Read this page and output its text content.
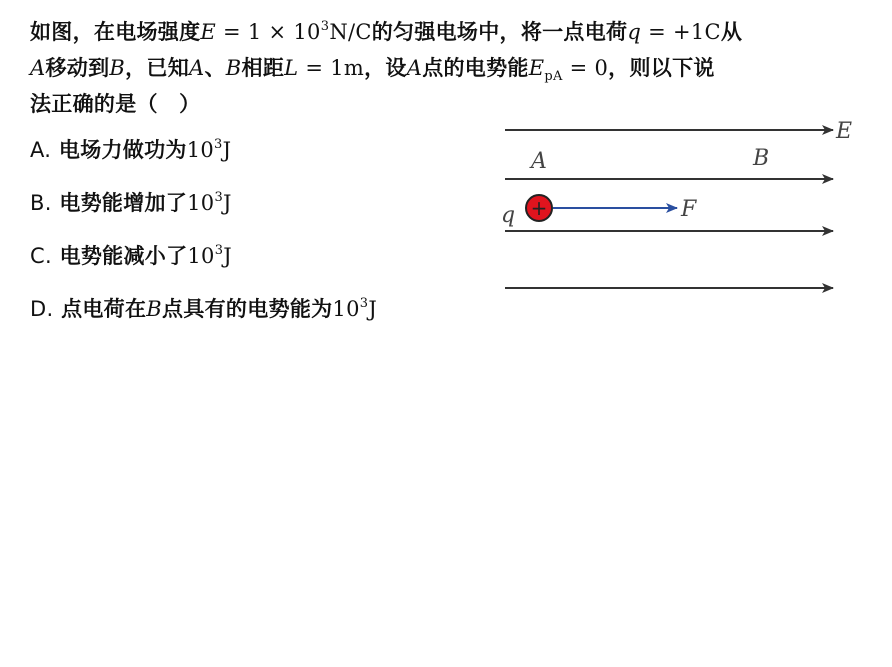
如图，在电场强度$E = 1 \times 10^3N/C$的匀强电场中，将一点电荷q = +1C从
A移动到B，已知A、B相距L = 1m，设A点的电势能$E_{pA} = 0$，则以下说
法正确的是（　）
A. 电场力做功为$10^3J$
B. 电势能增加了$10^3J$
C. 电势能减小了$10^3J$
D. 点电荷在B点具有的电势能为$10^3J$
E
A	B
q +	F
